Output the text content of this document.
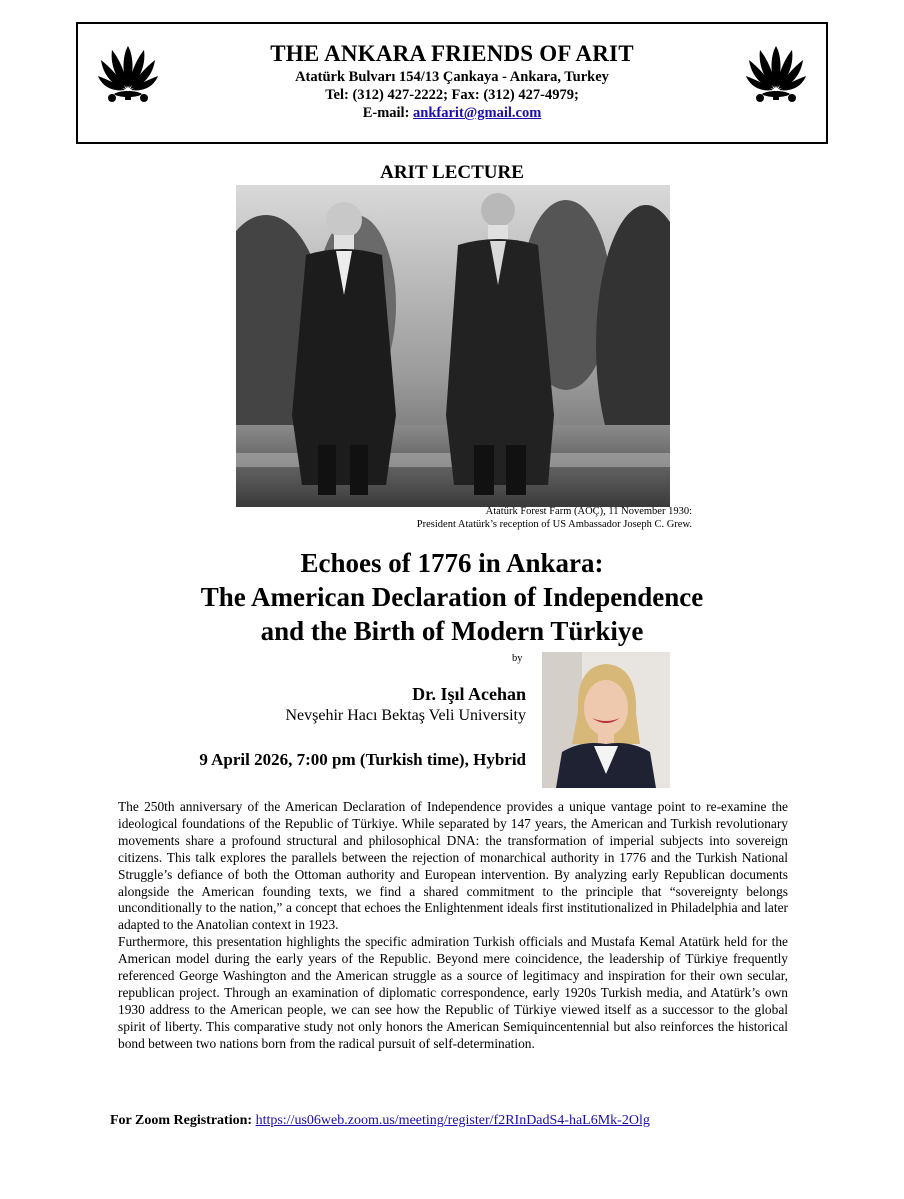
THE ANKARA FRIENDS OF ARIT
Atatürk Bulvarı 154/13 Çankaya - Ankara, Turkey
Tel: (312) 427-2222; Fax: (312) 427-4979;
E-mail: ankfarit@gmail.com
ARIT LECTURE
Atatürk Forest Farm (AOÇ), 11 November 1930:
President Atatürk’s reception of US Ambassador Joseph C. Grew.
Echoes of 1776 in Ankara:
The American Declaration of Independence
and the Birth of Modern Türkiye
by
Dr. Işıl Acehan
Nevşehir Hacı Bektaş Veli University
9 April 2026, 7:00 pm (Turkish time), Hybrid

The 250th anniversary of the American Declaration of Independence provides a unique vantage point to re-examine the ideological foundations of the Republic of Türkiye. While separated by 147 years, the American and Turkish revolutionary movements share a profound structural and philosophical DNA: the transformation of imperial subjects into sovereign citizens. This talk explores the parallels between the rejection of monarchical authority in 1776 and the Turkish National Struggle’s defiance of both the Ottoman authority and European intervention. By analyzing early Republican documents alongside the American founding texts, we find a shared commitment to the principle that “sovereignty belongs unconditionally to the nation,” a concept that echoes the Enlightenment ideals first institutionalized in Philadelphia and later adapted to the Anatolian context in 1923.

Furthermore, this presentation highlights the specific admiration Turkish officials and Mustafa Kemal Atatürk held for the American model during the early years of the Republic. Beyond mere coincidence, the leadership of Türkiye frequently referenced George Washington and the American struggle as a source of legitimacy and inspiration for their own secular, republican project. Through an examination of diplomatic correspondence, early 1920s Turkish media, and Atatürk’s own 1930 address to the American people, we can see how the Republic of Türkiye viewed itself as a successor to the global spirit of liberty. This comparative study not only honors the American Semiquincentennial but also reinforces the historical bond between two nations born from the radical pursuit of self-determination.

For Zoom Registration: https://us06web.zoom.us/meeting/register/f2RInDadS4-haL6Mk-2Olg
